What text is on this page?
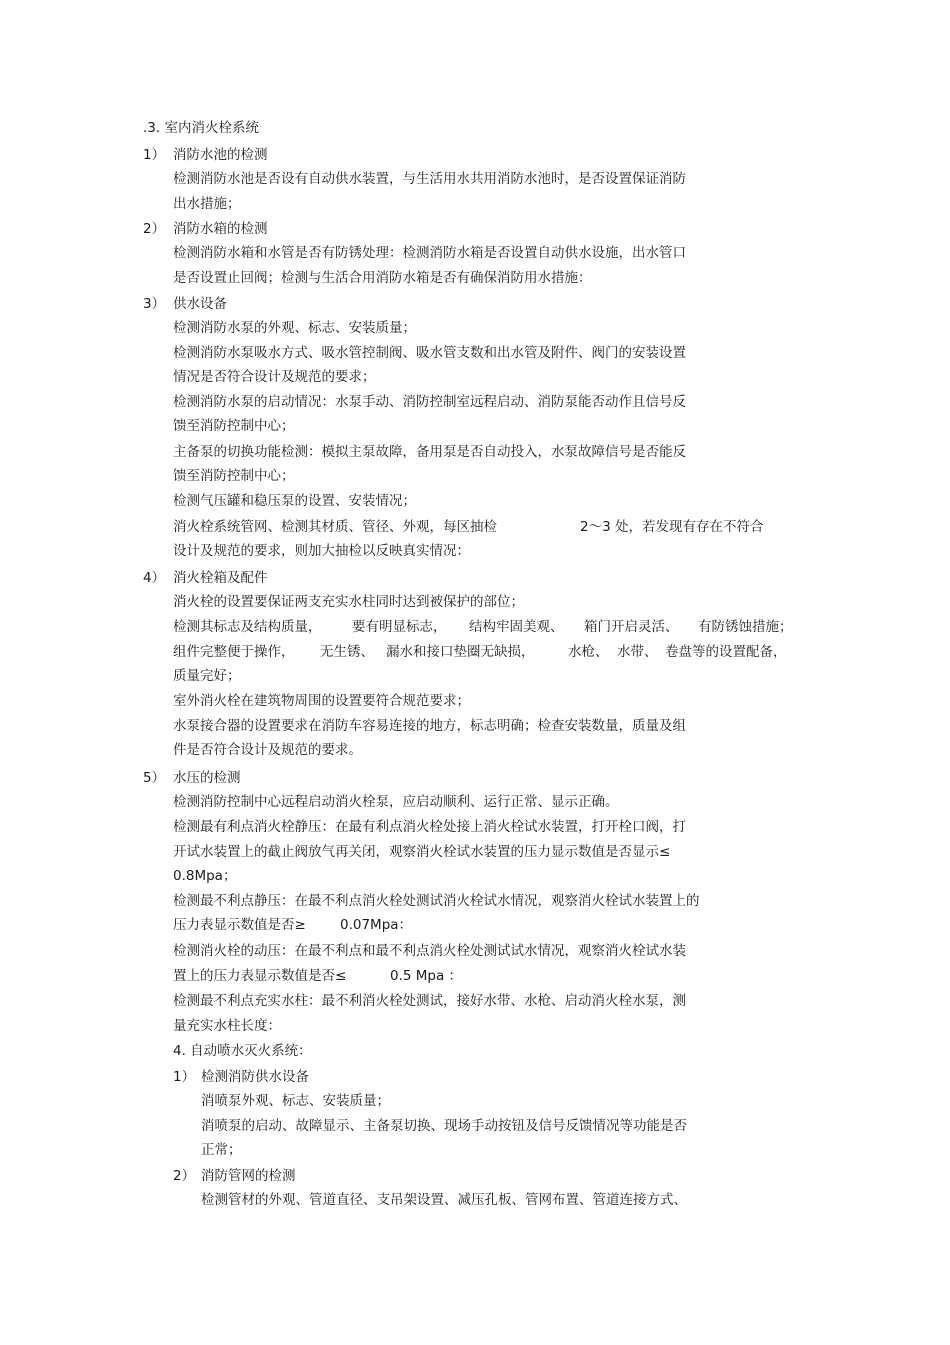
.3. 室内消火栓系统
1） 消防水池的检测
检测消防水池是否设有自动供水装置，与生活用水共用消防水池时，是否设置保证消防
出水措施；
2） 消防水箱的检测
检测消防水箱和水管是否有防锈处理：检测消防水箱是否设置自动供水设施，出水管口
是否设置止回阀；检测与生活合用消防水箱是否有确保消防用水措施：
3） 供水设备
检测消防水泵的外观、标志、安装质量；
检测消防水泵吸水方式、吸水管控制阀、吸水管支数和出水管及附件、阀门的安装设置
情况是否符合设计及规范的要求；
检测消防水泵的启动情况：水泵手动、消防控制室远程启动、消防泵能否动作且信号反
馈至消防控制中心；
主备泵的切换功能检测：模拟主泵故障，备用泵是否自动投入，水泵故障信号是否能反
馈至消防控制中心；
检测气压罐和稳压泵的设置、安装情况；
消火栓系统管网、检测其材质、管径、外观，每区抽检	2～3 处，若发现有存在不符合
设计及规范的要求，则加大抽检以反映真实情况：
4） 消火栓箱及配件
消火栓的设置要保证两支充实水柱同时达到被保护的部位；
检测其标志及结构质量， 要有明显标志， 结构牢固美观、 箱门开启灵活、 有防锈蚀措施；
组件完整便于操作， 无生锈、 漏水和接口垫圈无缺损， 水枪、 水带、 卷盘等的设置配备，
质量完好；
室外消火栓在建筑物周围的设置要符合规范要求；
水泵接合器的设置要求在消防车容易连接的地方，标志明确；检查安装数量，质量及组
件是否符合设计及规范的要求。
5） 水压的检测
检测消防控制中心远程启动消火栓泵，应启动顺利、运行正常、显示正确。
检测最有利点消火栓静压：在最有利点消火栓处接上消火栓试水装置，打开栓口阀，打
开试水装置上的截止阀放气再关闭，观察消火栓试水装置的压力显示数值是否显示≤
0.8Mpa；
检测最不利点静压：在最不利点消火栓处测试消火栓试水情况，观察消火栓试水装置上的
压力表显示数值是否≥	0.07Mpa：
检测消火栓的动压：在最不利点和最不利点消火栓处测试试水情况，观察消火栓试水装
置上的压力表显示数值是否≤	0.5 Mpa ：
检测最不利点充实水柱：最不利消火栓处测试，接好水带、水枪、启动消火栓水泵，测
量充实水柱长度：
4. 自动喷水灭火系统：
1） 检测消防供水设备
消喷泵外观、标志、安装质量；
消喷泵的启动、故障显示、主备泵切换、现场手动按钮及信号反馈情况等功能是否
正常；
2） 消防管网的检测
检测管材的外观、管道直径、支吊架设置、减压孔板、管网布置、管道连接方式、
